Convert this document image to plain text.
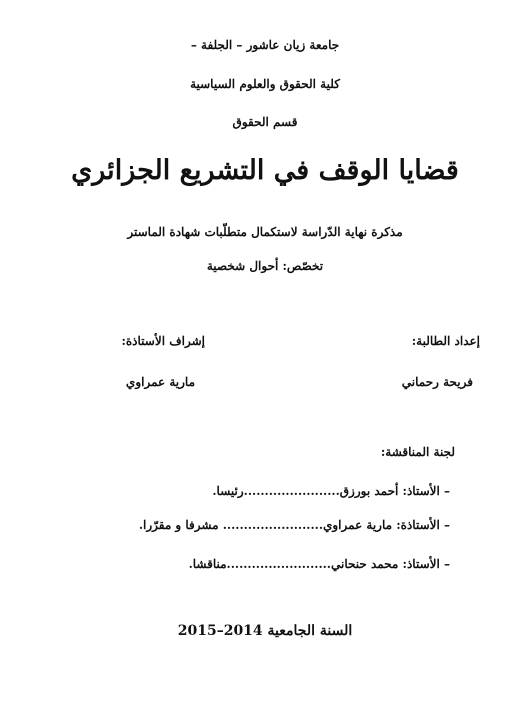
جامعة زيان عاشور – الجلفة –
كلية الحقوق والعلوم السياسية
قسم الحقوق
قضايا الوقف في التشريع الجزائري
مذكرة نهاية الدّراسة لاستكمال متطلّبات شهادة الماستر
تخصّص: أحوال شخصية
إعداد الطالبة:
فريحة رحماني
إشراف الأستاذة:
مارية عمراوي
لجنة المناقشة:
– الأستاذ: أحمد بورزق.......................رئيسا.
– الأستاذة: مارية عمراوي........................ مشرفا و مقرّرا.
– الأستاذ: محمد حنحاني.........................مناقشا.
السنة الجامعية 2014–2015
